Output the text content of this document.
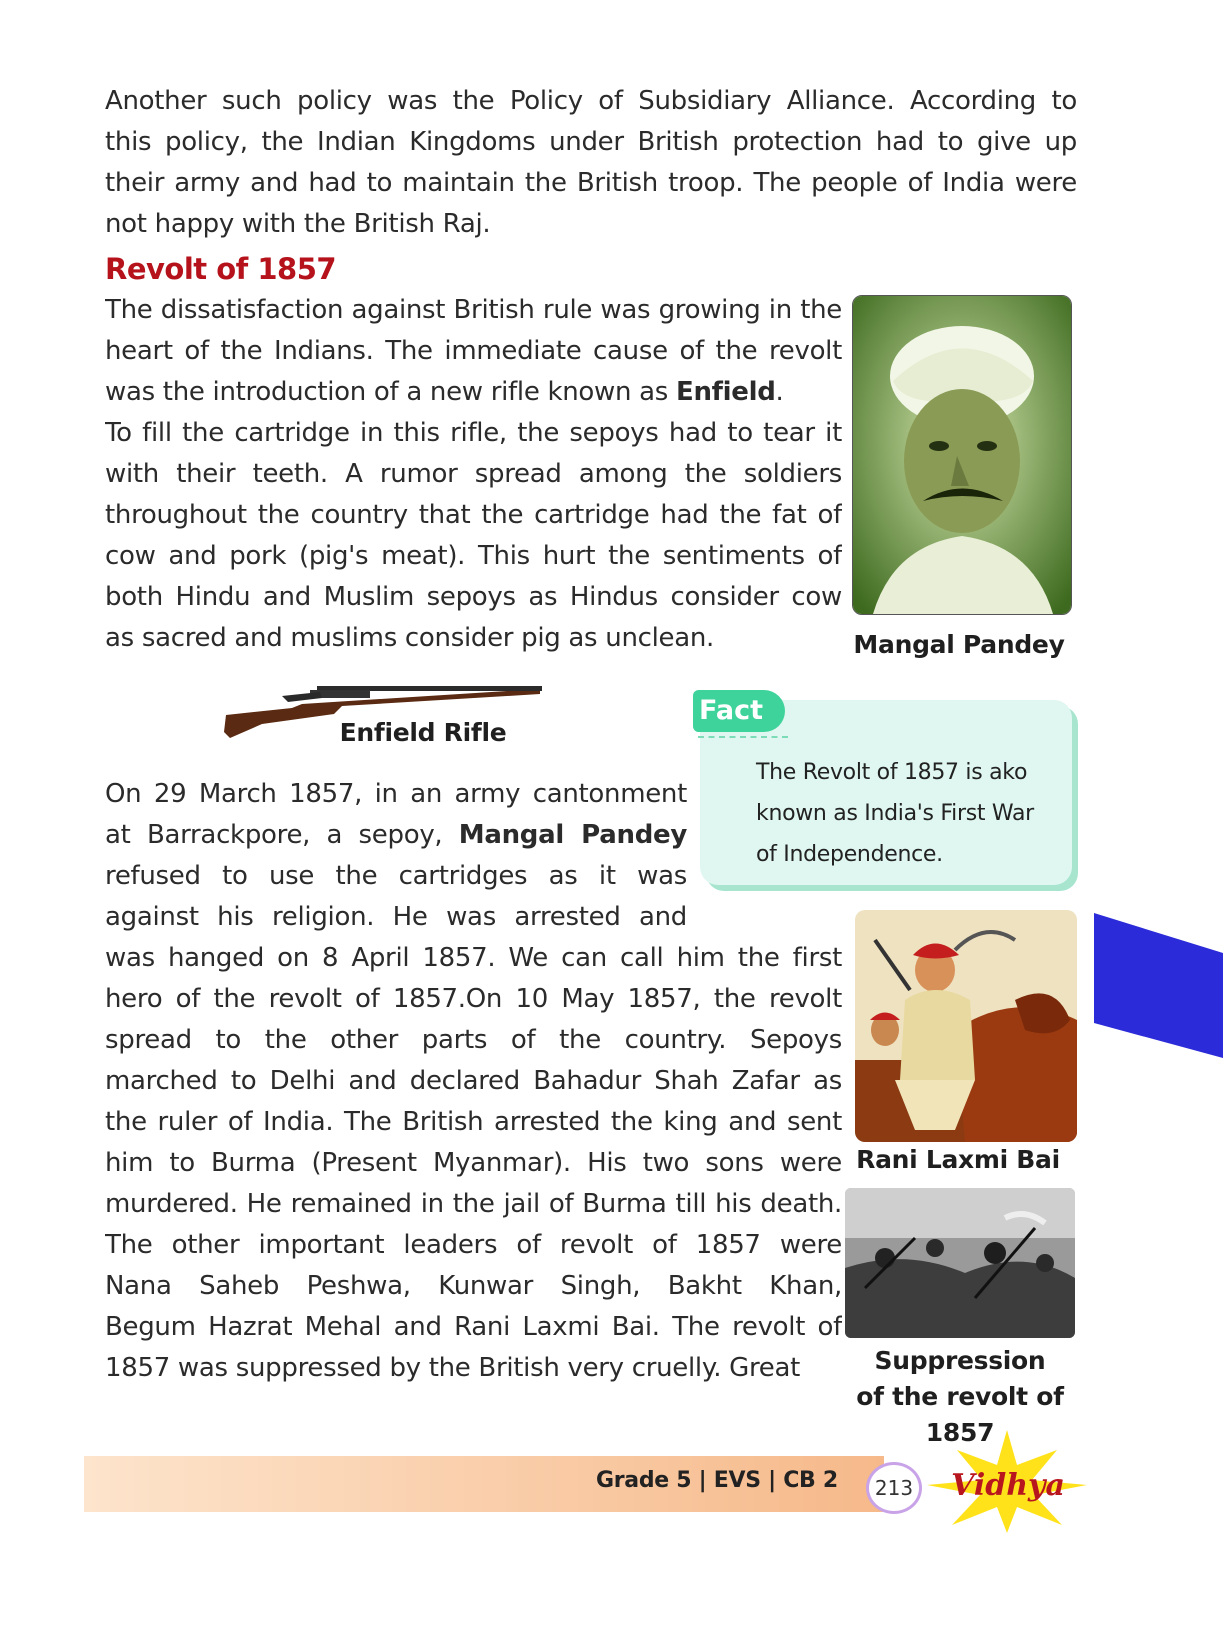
Another such policy was the Policy of Subsidiary Alliance. According to
this policy, the Indian Kingdoms under British protection had to give up
their army and had to maintain the British troop. The people of India were
not happy with the British Raj.
Revolt of 1857
The dissatisfaction against British rule was growing in the
heart of the Indians. The immediate cause of the revolt
was the introduction of a new rifle known as Enfield.
To fill the cartridge in this rifle, the sepoys had to tear it
with their teeth. A rumor spread among the soldiers
throughout the country that the cartridge had the fat of
cow and pork (pig's meat). This hurt the sentiments of
both Hindu and Muslim sepoys as Hindus consider cow
as sacred and muslims consider pig as unclean.	Mangal Pandey
Enfield Rifle
Fact
The Revolt of 1857 is ako
known as India's First War
of Independence.
On 29 March 1857, in an army cantonment
at Barrackpore, a sepoy, Mangal Pandey
refused to use the cartridges as it was
against his religion. He was arrested and
was hanged on 8 April 1857. We can call him the first
hero of the revolt of 1857.On 10 May 1857, the revolt
spread to the other parts of the country. Sepoys
marched to Delhi and declared Bahadur Shah Zafar as
the ruler of India. The British arrested the king and sent
him to Burma (Present Myanmar). His two sons were
murdered. He remained in the jail of Burma till his death.
The other important leaders of revolt of 1857 were
Nana Saheb Peshwa, Kunwar Singh, Bakht Khan,
Begum Hazrat Mehal and Rani Laxmi Bai. The revolt of
1857 was suppressed by the British very cruelly. Great
Rani Laxmi Bai
Suppression
of the revolt of
1857
Grade 5 | EVS | CB 2	213 Vidhya
